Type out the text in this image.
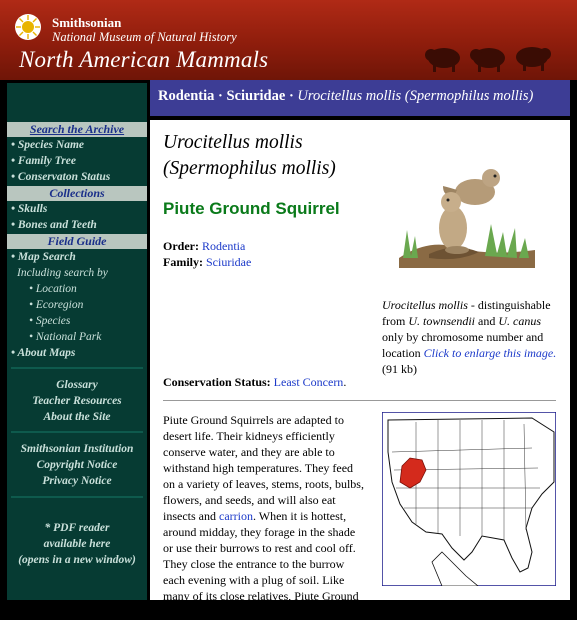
Smithsonian
National Museum of Natural History
North American Mammals
Search the Archive
• Species Name
• Family Tree
• Conservaton Status
Collections
• Skulls
• Bones and Teeth
Field Guide
• Map Search
Including search by
• Location
• Ecoregion
• Species
• National Park
• About Maps
Glossary
Teacher Resources
About the Site
Smithsonian Institution
Copyright Notice
Privacy Notice
* PDF reader
available here
(opens in a new window)
Rodentia · Sciuridae · Urocitellus mollis (Spermophilus mollis)
Urocitellus mollis
(Spermophilus mollis)
Piute Ground Squirrel
Order: Rodentia
Family: Sciuridae
Urocitellus mollis - distinguishable from U. townsendii and U. canus only by chromosome number and location Click to enlarge this image. (91 kb)
Conservation Status: Least Concern.
Piute Ground Squirrels are adapted to desert life. Their kidneys efficiently conserve water, and they are able to withstand high temperatures. They feed on a variety of leaves, stems, roots, bulbs, flowers, and seeds, and will also eat insects and carrion. When it is hottest, around midday, they forage in the shade or use their burrows to rest and cool off. They close the entrance to the burrow each evening with a plug of soil. Like many of its close relatives, Piute Ground Squirrels
